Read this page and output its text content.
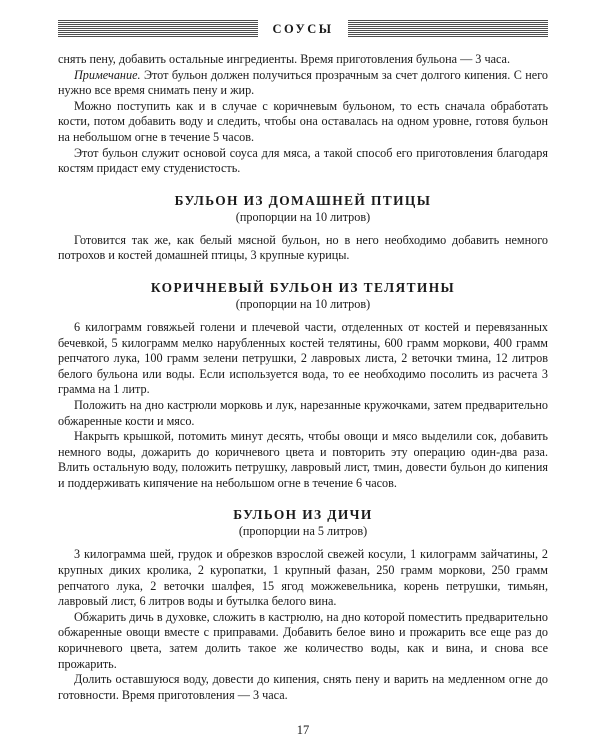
СОУСЫ

снять пену, добавить остальные ингредиенты. Время приготовления бульона — 3 часа.

Примечание. Этот бульон должен получиться прозрачным за счет долгого кипения. С него нужно все время снимать пену и жир.

Можно поступить как и в случае с коричневым бульоном, то есть сначала обработать кости, потом добавить воду и следить, чтобы она оставалась на одном уровне, готовя бульон на небольшом огне в течение 5 часов.

Этот бульон служит основой соуса для мяса, а такой способ его приготовления благодаря костям придаст ему студенистость.

БУЛЬОН ИЗ ДОМАШНЕЙ ПТИЦЫ
(пропорции на 10 литров)

Готовится так же, как белый мясной бульон, но в него необходимо добавить немного потрохов и костей домашней птицы, 3 крупные курицы.

КОРИЧНЕВЫЙ БУЛЬОН ИЗ ТЕЛЯТИНЫ
(пропорции на 10 литров)

6 килограмм говяжьей голени и плечевой части, отделенных от костей и перевязанных бечевкой, 5 килограмм мелко нарубленных костей телятины, 600 грамм моркови, 400 грамм репчатого лука, 100 грамм зелени петрушки, 2 лавровых листа, 2 веточки тмина, 12 литров белого бульона или воды. Если используется вода, то ее необходимо посолить из расчета 3 грамма на 1 литр.

Положить на дно кастрюли морковь и лук, нарезанные кружочками, затем предварительно обжаренные кости и мясо.

Накрыть крышкой, потомить минут десять, чтобы овощи и мясо выделили сок, добавить немного воды, дожарить до коричневого цвета и повторить эту операцию один-два раза. Влить остальную воду, положить петрушку, лавровый лист, тмин, довести бульон до кипения и поддерживать кипячение на небольшом огне в течение 6 часов.

БУЛЬОН ИЗ ДИЧИ
(пропорции на 5 литров)

3 килограмма шей, грудок и обрезков взрослой свежей косули, 1 килограмм зайчатины, 2 крупных диких кролика, 2 куропатки, 1 крупный фазан, 250 грамм моркови, 250 грамм репчатого лука, 2 веточки шалфея, 15 ягод можжевельника, корень петрушки, тимьян, лавровый лист, 6 литров воды и бутылка белого вина.

Обжарить дичь в духовке, сложить в кастрюлю, на дно которой поместить предварительно обжаренные овощи вместе с приправами. Добавить белое вино и прожарить все еще раз до коричневого цвета, затем долить такое же количество воды, как и вина, и снова все прожарить.

Долить оставшуюся воду, довести до кипения, снять пену и варить на медленном огне до готовности. Время приготовления — 3 часа.

17
